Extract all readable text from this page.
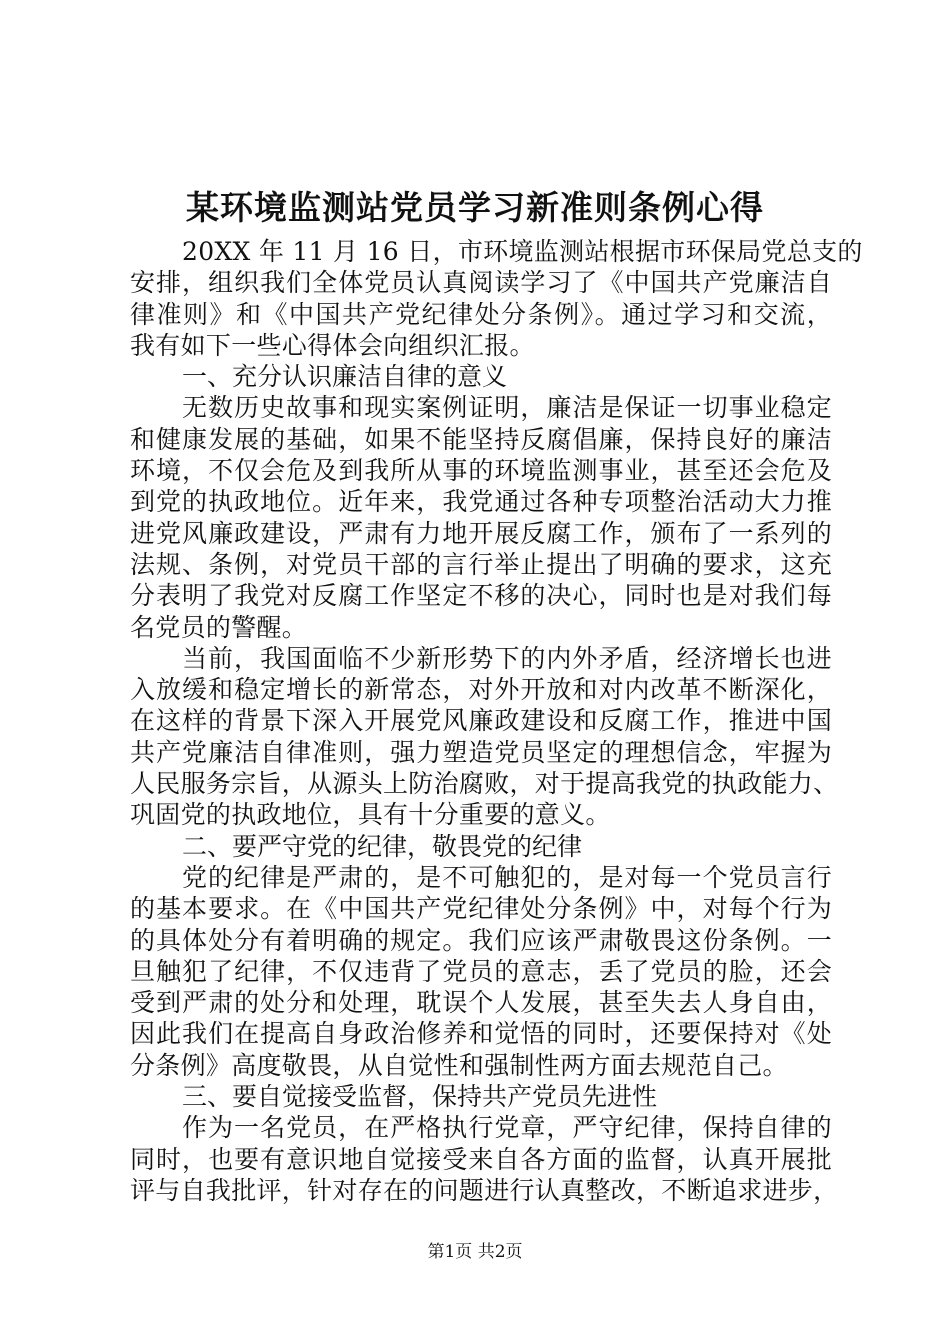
某环境监测站党员学习新准则条例心得
20XX 年 11 月 16 日，市环境监测站根据市环保局党总支的
安排，组织我们全体党员认真阅读学习了《中国共产党廉洁自
律准则》和《中国共产党纪律处分条例》。通过学习和交流，
我有如下一些心得体会向组织汇报。
一、充分认识廉洁自律的意义
无数历史故事和现实案例证明，廉洁是保证一切事业稳定
和健康发展的基础，如果不能坚持反腐倡廉，保持良好的廉洁
环境，不仅会危及到我所从事的环境监测事业，甚至还会危及
到党的执政地位。近年来，我党通过各种专项整治活动大力推
进党风廉政建设，严肃有力地开展反腐工作，颁布了一系列的
法规、条例，对党员干部的言行举止提出了明确的要求，这充
分表明了我党对反腐工作坚定不移的决心，同时也是对我们每
名党员的警醒。
当前，我国面临不少新形势下的内外矛盾，经济增长也进
入放缓和稳定增长的新常态，对外开放和对内改革不断深化，
在这样的背景下深入开展党风廉政建设和反腐工作，推进中国
共产党廉洁自律准则，强力塑造党员坚定的理想信念，牢握为
人民服务宗旨，从源头上防治腐败，对于提高我党的执政能力、
巩固党的执政地位，具有十分重要的意义。
二、要严守党的纪律，敬畏党的纪律
党的纪律是严肃的，是不可触犯的，是对每一个党员言行
的基本要求。在《中国共产党纪律处分条例》中，对每个行为
的具体处分有着明确的规定。我们应该严肃敬畏这份条例。一
旦触犯了纪律，不仅违背了党员的意志，丢了党员的脸，还会
受到严肃的处分和处理，耽误个人发展，甚至失去人身自由，
因此我们在提高自身政治修养和觉悟的同时，还要保持对《处
分条例》高度敬畏，从自觉性和强制性两方面去规范自己。
三、要自觉接受监督，保持共产党员先进性
作为一名党员，在严格执行党章，严守纪律，保持自律的
同时，也要有意识地自觉接受来自各方面的监督，认真开展批
评与自我批评，针对存在的问题进行认真整改，不断追求进步，
第1页 共2页
